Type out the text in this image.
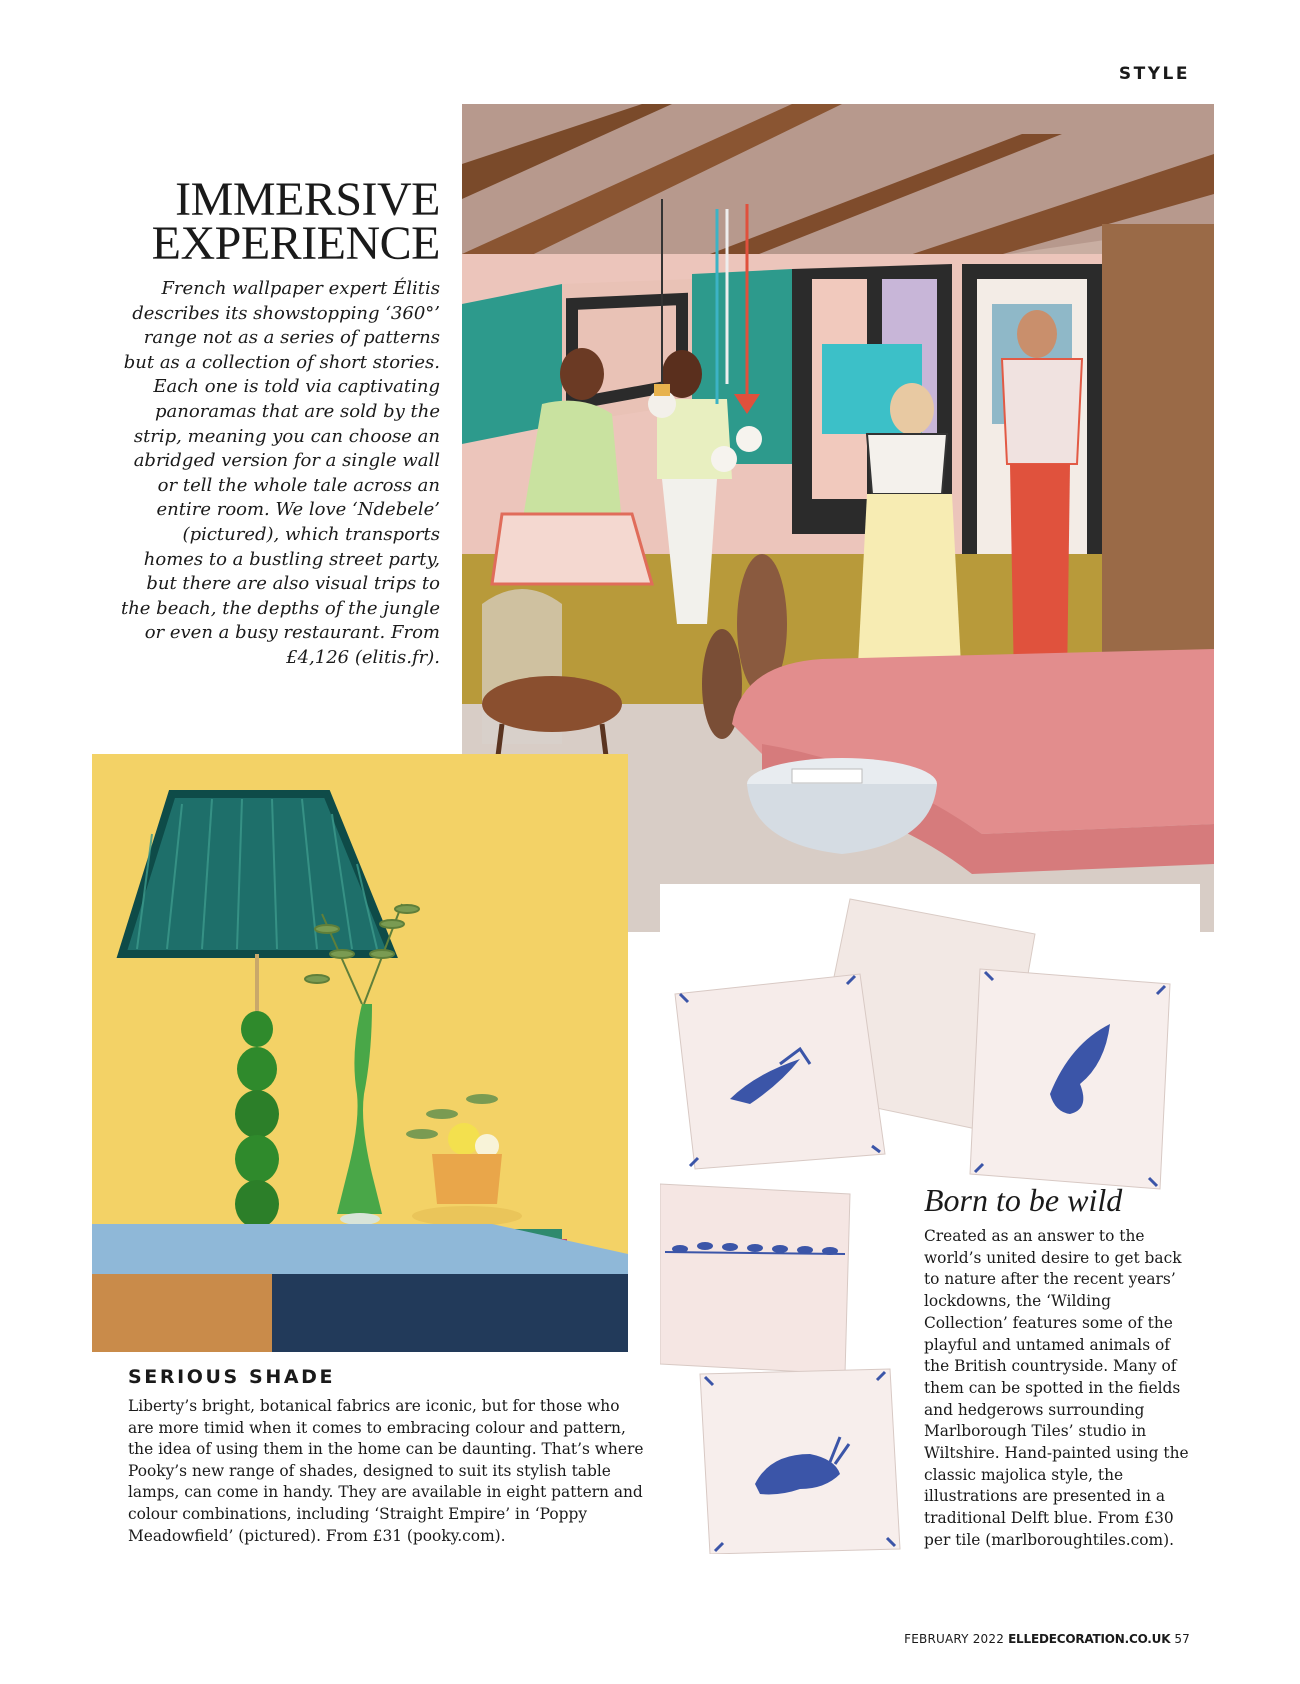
STYLE
IMMERSIVE
EXPERIENCE

French wallpaper expert Élitis describes its showstopping ‘360°’ range not as a series of patterns but as a collection of short stories. Each one is told via captivating panoramas that are sold by the strip, meaning you can choose an abridged version for a single wall or tell the whole tale across an entire room. We love ‘Ndebele’ (pictured), which transports homes to a bustling street party, but there are also visual trips to the beach, the depths of the jungle or even a busy restaurant. From £4,126 (elitis.fr).

SERIOUS SHADE

Liberty’s bright, botanical fabrics are iconic, but for those who are more timid when it comes to embracing colour and pattern, the idea of using them in the home can be daunting. That’s where Pooky’s new range of shades, designed to suit its stylish table lamps, can come in handy. They are available in eight pattern and colour combinations, including ‘Straight Empire’ in ‘Poppy Meadowfield’ (pictured). From £31 (pooky.com).

Born to be wild

Created as an answer to the world’s united desire to get back to nature after the recent years’ lockdowns, the ‘Wilding Collection’ features some of the playful and untamed animals of the British countryside. Many of them can be spotted in the fields and hedgerows surrounding Marlborough Tiles’ studio in Wiltshire. Hand-painted using the classic majolica style, the illustrations are presented in a traditional Delft blue. From £30 per tile (marlboroughtiles.com).

FEBRUARY 2022 ELLEDECORATION.CO.UK 57
